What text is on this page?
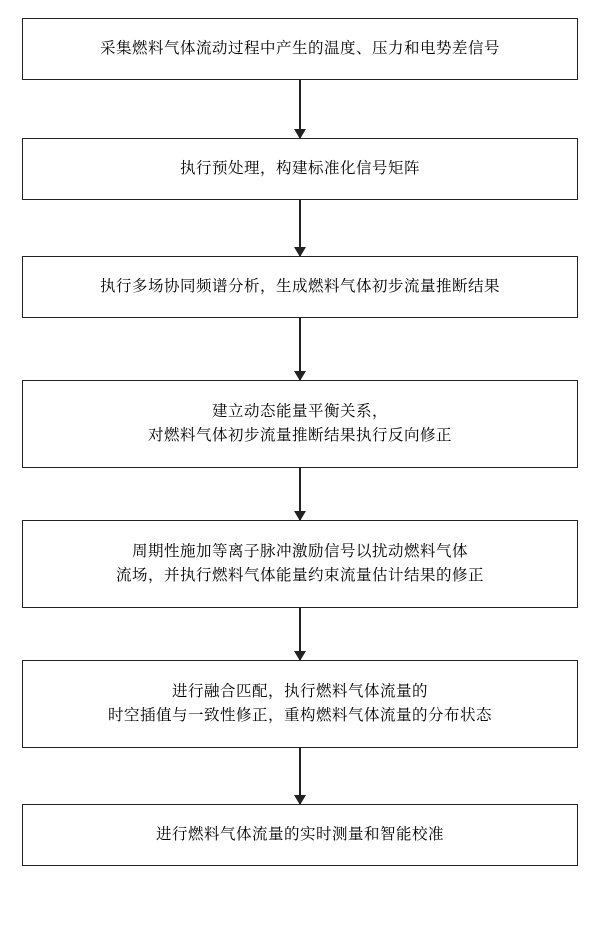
采集燃料气体流动过程中产生的温度、压力和电势差信号
执行预处理，构建标准化信号矩阵
执行多场协同频谱分析，生成燃料气体初步流量推断结果
建立动态能量平衡关系，
对燃料气体初步流量推断结果执行反向修正
周期性施加等离子脉冲激励信号以扰动燃料气体
流场，并执行燃料气体能量约束流量估计结果的修正
进行融合匹配，执行燃料气体流量的
时空插值与一致性修正，重构燃料气体流量的分布状态
进行燃料气体流量的实时测量和智能校准
